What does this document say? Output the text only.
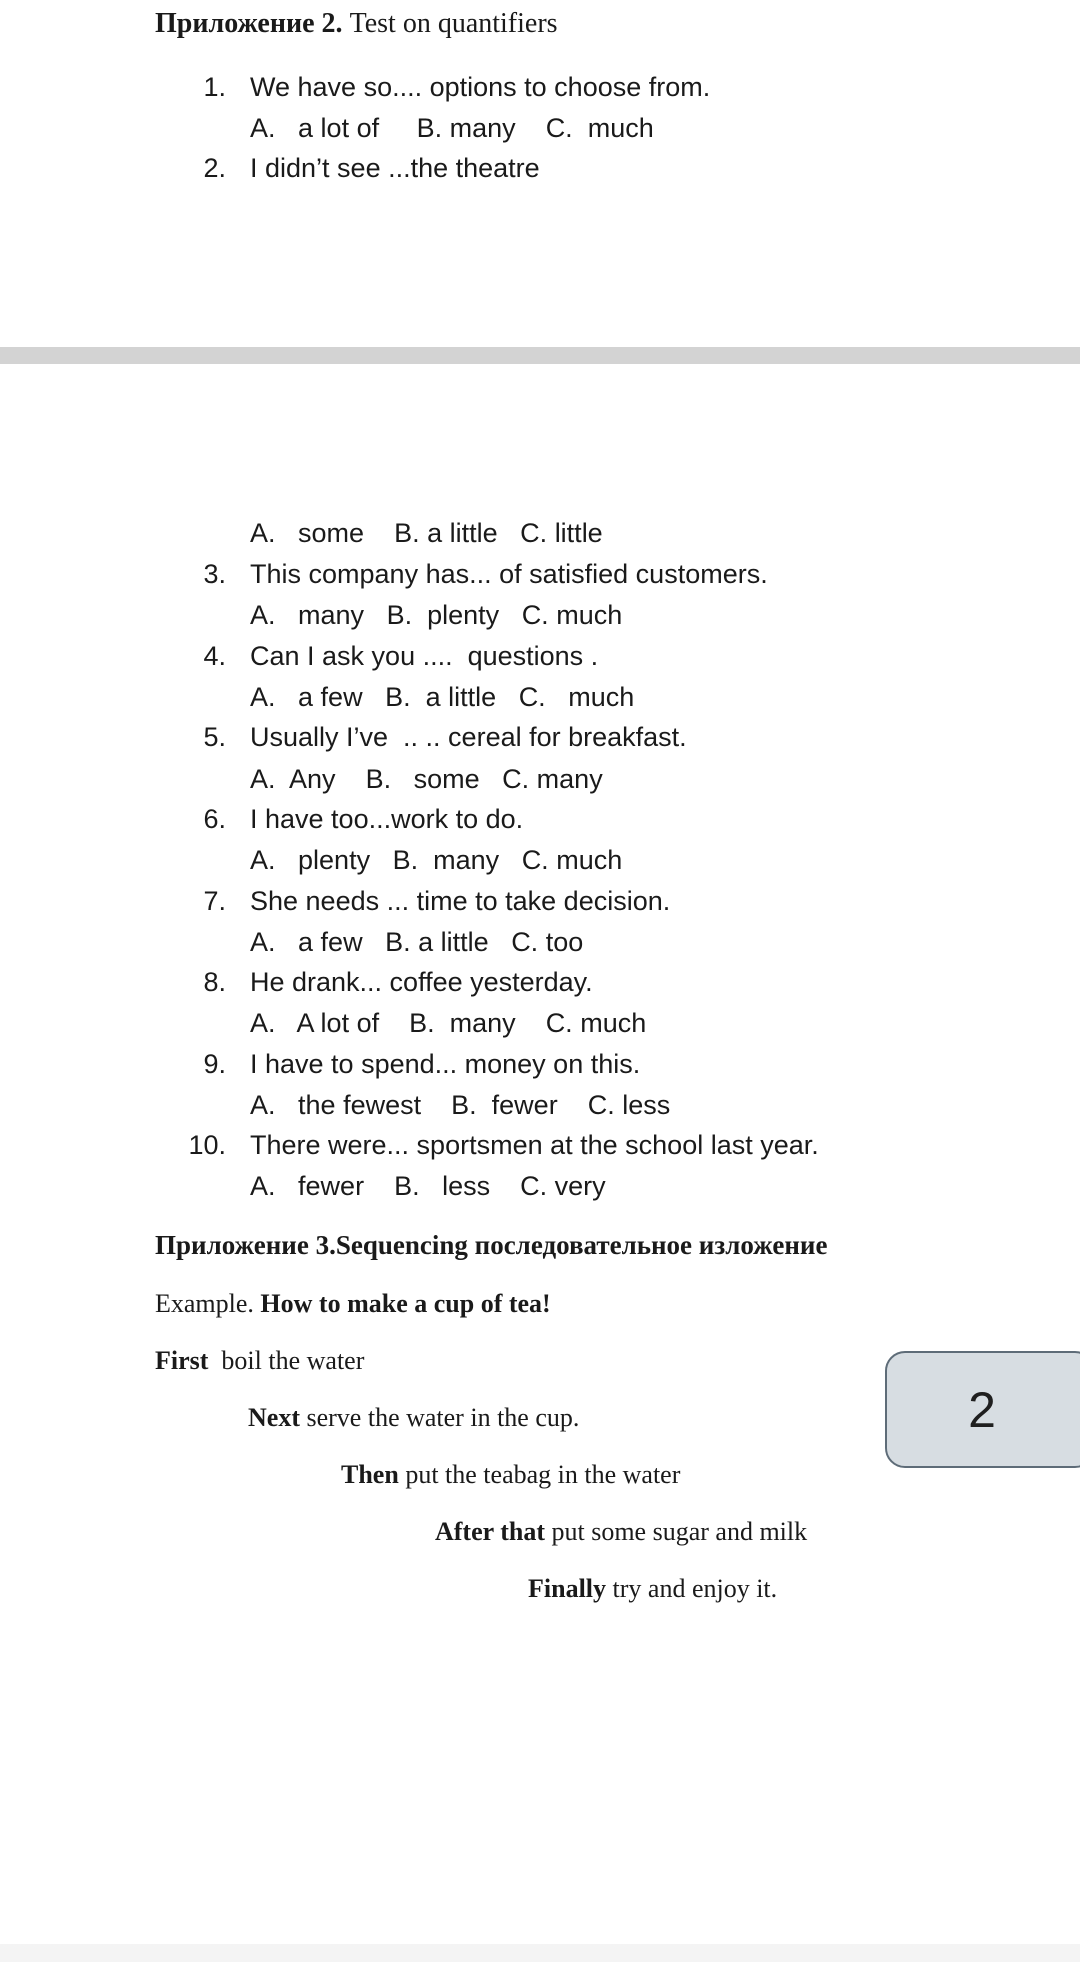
Приложение 2. Test on quantifiers
1. We have so.... options to choose from.
A. a lot of B. many C. much
2. I didn’t see ...the theatre
A. some B. a little C. little
3. This company has... of satisfied customers.
A. many B. plenty C. much
4. Can I ask you ....  questions .
A. a few B. a little C. much
5. Usually I’ve  .. .. cereal for breakfast.
A. Any B. some C. many
6. I have too...work to do.
A. plenty B. many C. much
7. She needs ... time to take decision.
A. a few B. a little C. too
8. He drank... coffee yesterday.
A. A lot of B. many C. much
9. I have to spend... money on this.
A. the fewest B. fewer C. less
10. There were... sportsmen at the school last year.
A. fewer B. less C. very
Приложение 3.Sequencing последовательное изложение
Example. How to make a cup of tea!
First boil the water
Next serve the water in the cup.
Then put the teabag in the water
After that put some sugar and milk
Finally try and enjoy it.
2
